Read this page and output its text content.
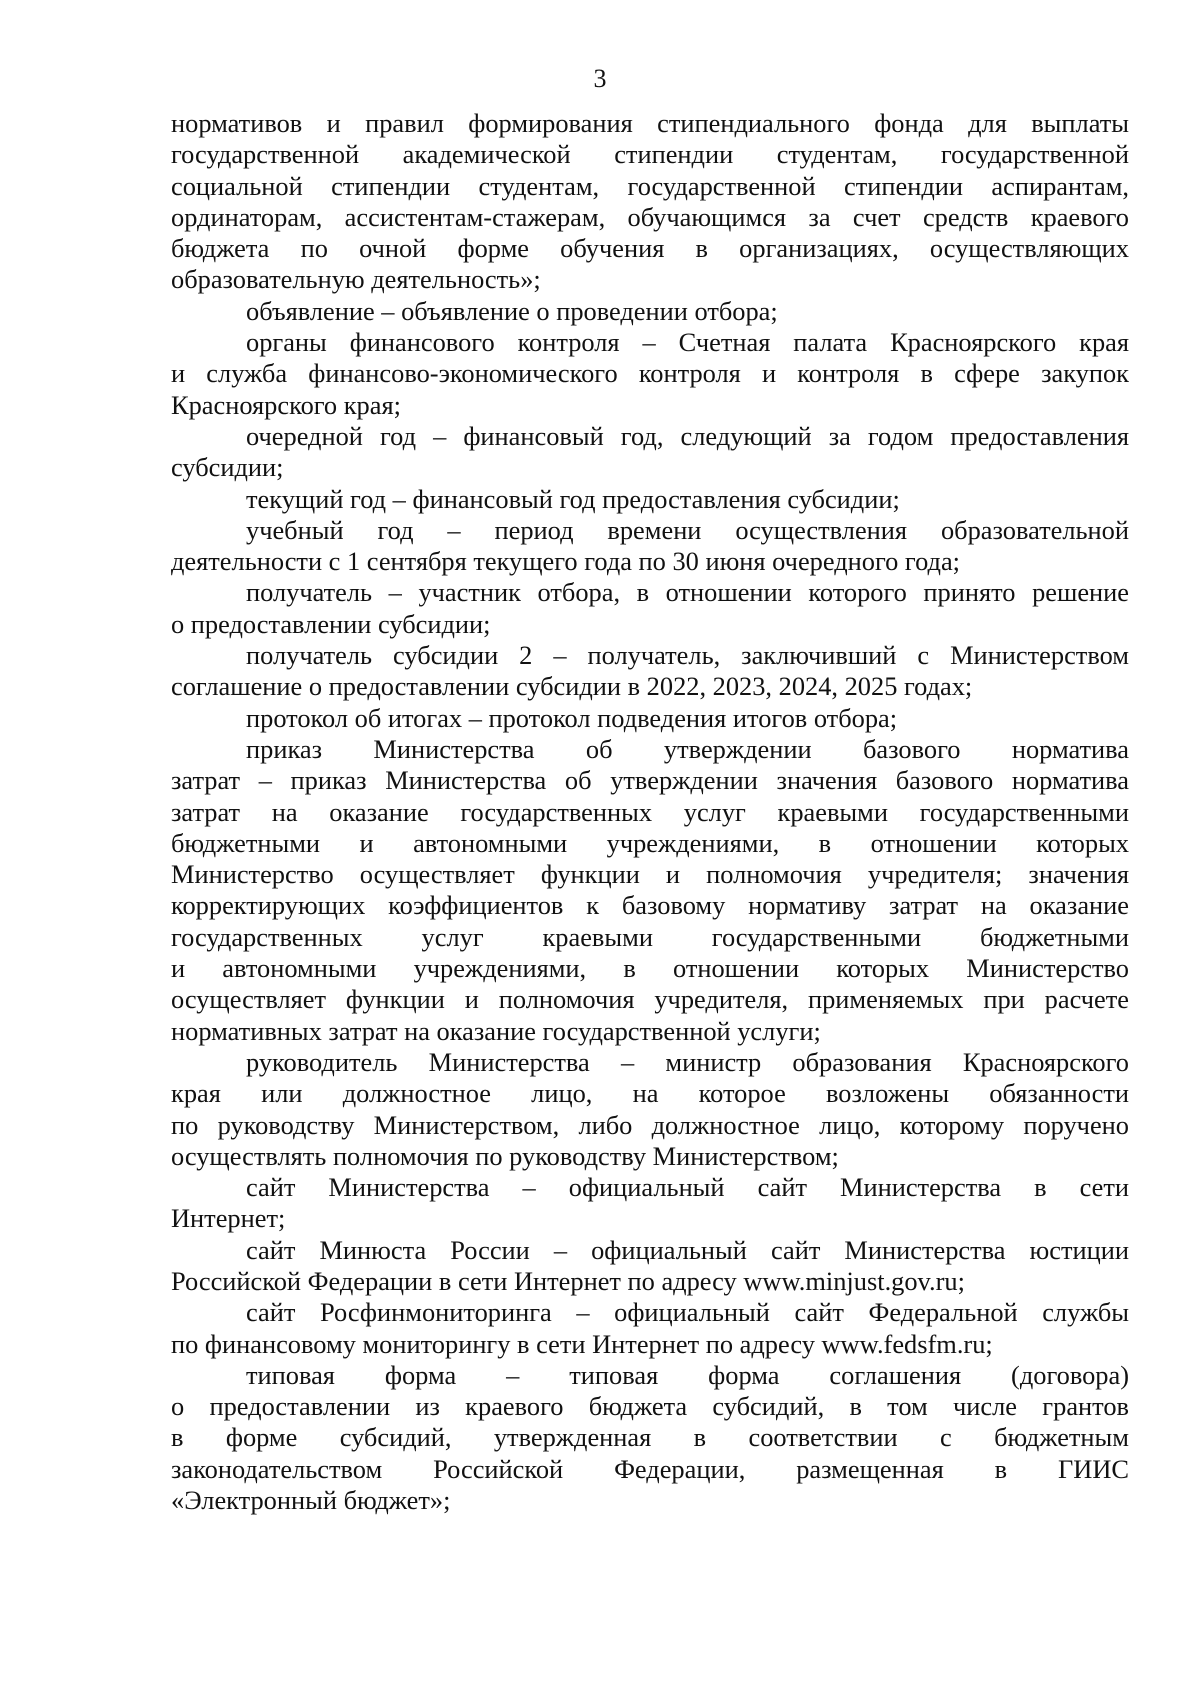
3

нормативов и правил формирования стипендиального фонда для выплаты
государственной академической стипендии студентам, государственной
социальной стипендии студентам, государственной стипендии аспирантам,
ординаторам, ассистентам-стажерам, обучающимся за счет средств краевого
бюджета по очной форме обучения в организациях, осуществляющих
образовательную деятельность»;

объявление – объявление о проведении отбора;

органы финансового контроля – Счетная палата Красноярского края
и служба финансово-экономического контроля и контроля в сфере закупок
Красноярского края;

очередной год – финансовый год, следующий за годом предоставления
субсидии;

текущий год – финансовый год предоставления субсидии;

учебный год – период времени осуществления образовательной
деятельности с 1 сентября текущего года по 30 июня очередного года;

получатель – участник отбора, в отношении которого принято решение
о предоставлении субсидии;

получатель субсидии 2 – получатель, заключивший с Министерством
соглашение о предоставлении субсидии в 2022, 2023, 2024, 2025 годах;

протокол об итогах – протокол подведения итогов отбора;

приказ Министерства об утверждении базового норматива
затрат – приказ Министерства об утверждении значения базового норматива
затрат на оказание государственных услуг краевыми государственными
бюджетными и автономными учреждениями, в отношении которых
Министерство осуществляет функции и полномочия учредителя; значения
корректирующих коэффициентов к базовому нормативу затрат на оказание
государственных услуг краевыми государственными бюджетными
и автономными учреждениями, в отношении которых Министерство
осуществляет функции и полномочия учредителя, применяемых при расчете
нормативных затрат на оказание государственной услуги;

руководитель Министерства – министр образования Красноярского
края или должностное лицо, на которое возложены обязанности
по руководству Министерством, либо должностное лицо, которому поручено
осуществлять полномочия по руководству Министерством;

сайт Министерства – официальный сайт Министерства в сети
Интернет;

сайт Минюста России – официальный сайт Министерства юстиции
Российской Федерации в сети Интернет по адресу www.minjust.gov.ru;

сайт Росфинмониторинга – официальный сайт Федеральной службы
по финансовому мониторингу в сети Интернет по адресу www.fedsfm.ru;

типовая форма – типовая форма соглашения (договора)
о предоставлении из краевого бюджета субсидий, в том числе грантов
в форме субсидий, утвержденная в соответствии с бюджетным
законодательством Российской Федерации, размещенная в ГИИС
«Электронный бюджет»;
